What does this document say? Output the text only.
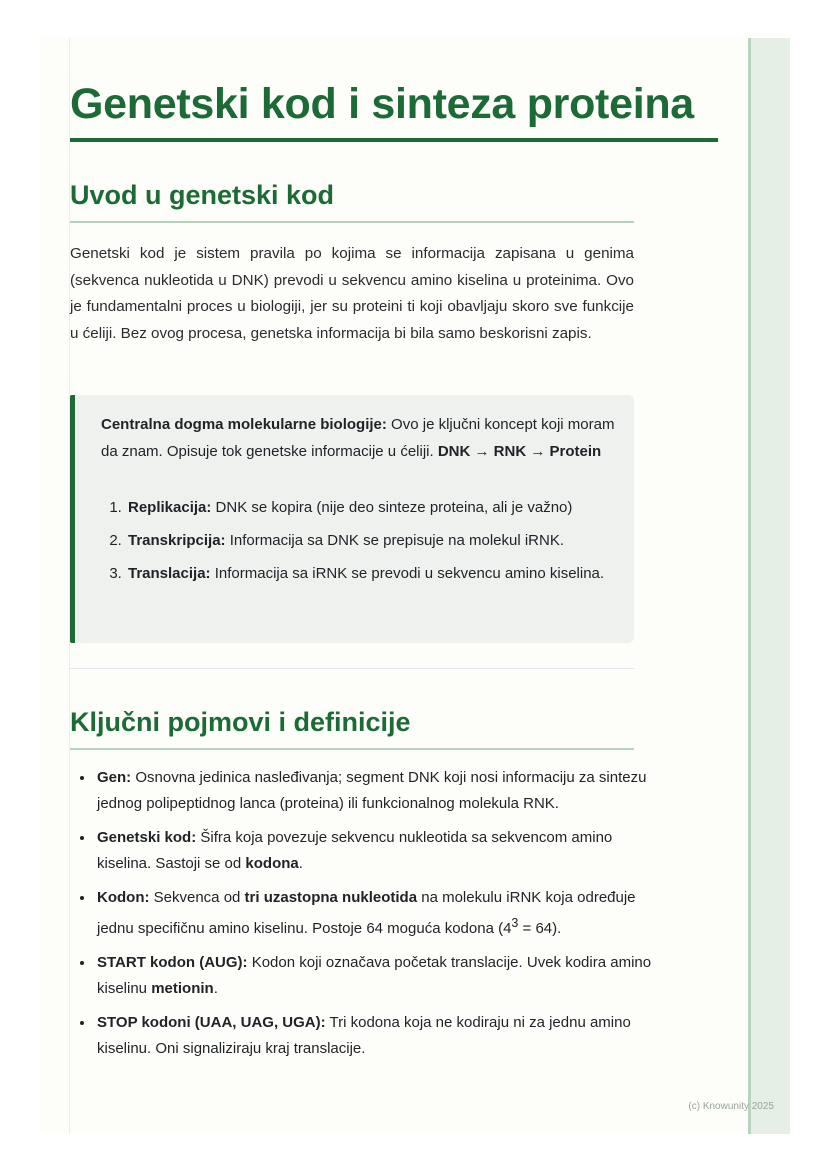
Genetski kod i sinteza proteina
Uvod u genetski kod

Genetski kod je sistem pravila po kojima se informacija zapisana u genima (sekvenca nukleotida u DNK) prevodi u sekvencu amino kiselina u proteinima. Ovo je fundamentalni proces u biologiji, jer su proteini ti koji obavljaju skoro sve funkcije u ćeliji. Bez ovog procesa, genetska informacija bi bila samo beskorisni zapis.

Centralna dogma molekularne biologije: Ovo je ključni koncept koji moram da znam. Opisuje tok genetske informacije u ćeliji. DNK → RNK → Protein

1. Replikacija: DNK se kopira (nije deo sinteze proteina, ali je važno)
2. Transkripcija: Informacija sa DNK se prepisuje na molekul iRNK.
3. Translacija: Informacija sa iRNK se prevodi u sekvencu amino kiselina.
Ključni pojmovi i definicije
• Gen: Osnovna jedinica nasleđivanja; segment DNK koji nosi informaciju za sintezu jednog polipeptidnog lanca (proteina) ili funkcionalnog molekula RNK.
• Genetski kod: Šifra koja povezuje sekvencu nukleotida sa sekvencom amino kiselina. Sastoji se od kodona.
• Kodon: Sekvenca od tri uzastopna nukleotida na molekulu iRNK koja određuje jednu specifičnu amino kiselinu. Postoje 64 moguća kodona $(4^3 = 64)$.
• START kodon (AUG): Kodon koji označava početak translacije. Uvek kodira amino kiselinu metionin.
• STOP kodoni (UAA, UAG, UGA): Tri kodona koja ne kodiraju ni za jednu amino kiselinu. Oni signaliziraju kraj translacije.
(c) Knowunity 2025
